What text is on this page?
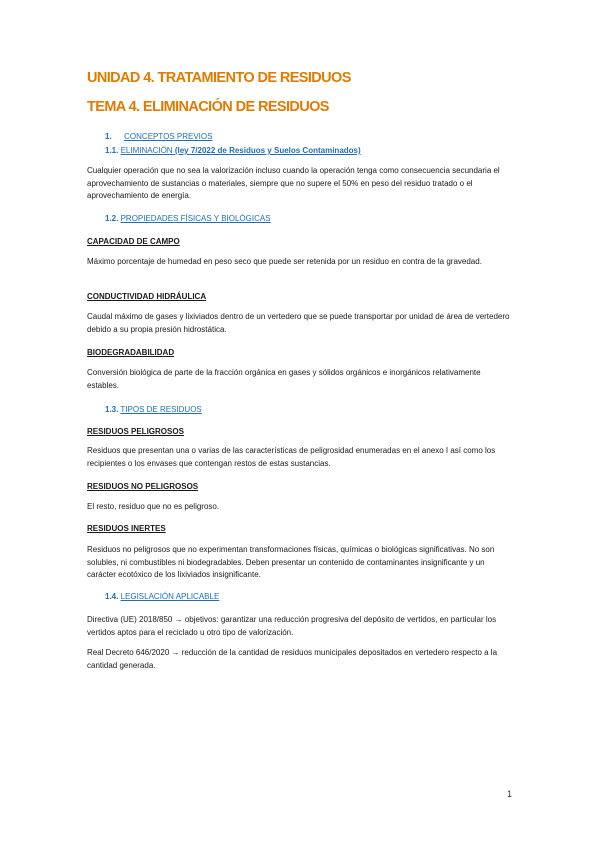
UNIDAD 4. TRATAMIENTO DE RESIDUOS
TEMA 4. ELIMINACIÓN DE RESIDUOS
1. CONCEPTOS PREVIOS
1.1. ELIMINACIÓN (ley 7/2022 de Residuos y Suelos Contaminados)

Cualquier operación que no sea la valorización incluso cuando la operación tenga como consecuencia secundaria el aprovechamiento de sustancias o materiales, siempre que no supere el 50% en peso del residuo tratado o el aprovechamiento de energía.

1.2. PROPIEDADES FÍSICAS Y BIOLÓGICAS

CAPACIDAD DE CAMPO

Máximo porcentaje de humedad en peso seco que puede ser retenida por un residuo en contra de la gravedad.

CONDUCTIVIDAD HIDRÁULICA

Caudal máximo de gases y lixiviados dentro de un vertedero que se puede transportar por unidad de área de vertedero debido a su propia presión hidrostática.

BIODEGRADABILIDAD

Conversión biológica de parte de la fracción orgánica en gases y sólidos orgánicos e inorgánicos relativamente estables.

1.3. TIPOS DE RESIDUOS

RESIDUOS PELIGROSOS

Residuos que presentan una o varias de las características de peligrosidad enumeradas en el anexo I así como los recipientes o los envases que contengan restos de estas sustancias.

RESIDUOS NO PELIGROSOS

El resto, residuo que no es peligroso.

RESIDUOS INERTES

Residuos no peligrosos que no experimentan transformaciones físicas, químicas o biológicas significativas. No son solubles, ni combustibles ni biodegradables. Deben presentar un contenido de contaminantes insignificante y un carácter ecotóxico de los lixiviados insignificante.

1.4. LEGISLACIÓN APLICABLE

Directiva (UE) 2018/850 → objetivos: garantizar una reducción progresiva del depósito de vertidos, en particular los vertidos aptos para el reciclado u otro tipo de valorización.

Real Decreto 646/2020 → reducción de la cantidad de residuos municipales depositados en vertedero respecto a la cantidad generada.

1
